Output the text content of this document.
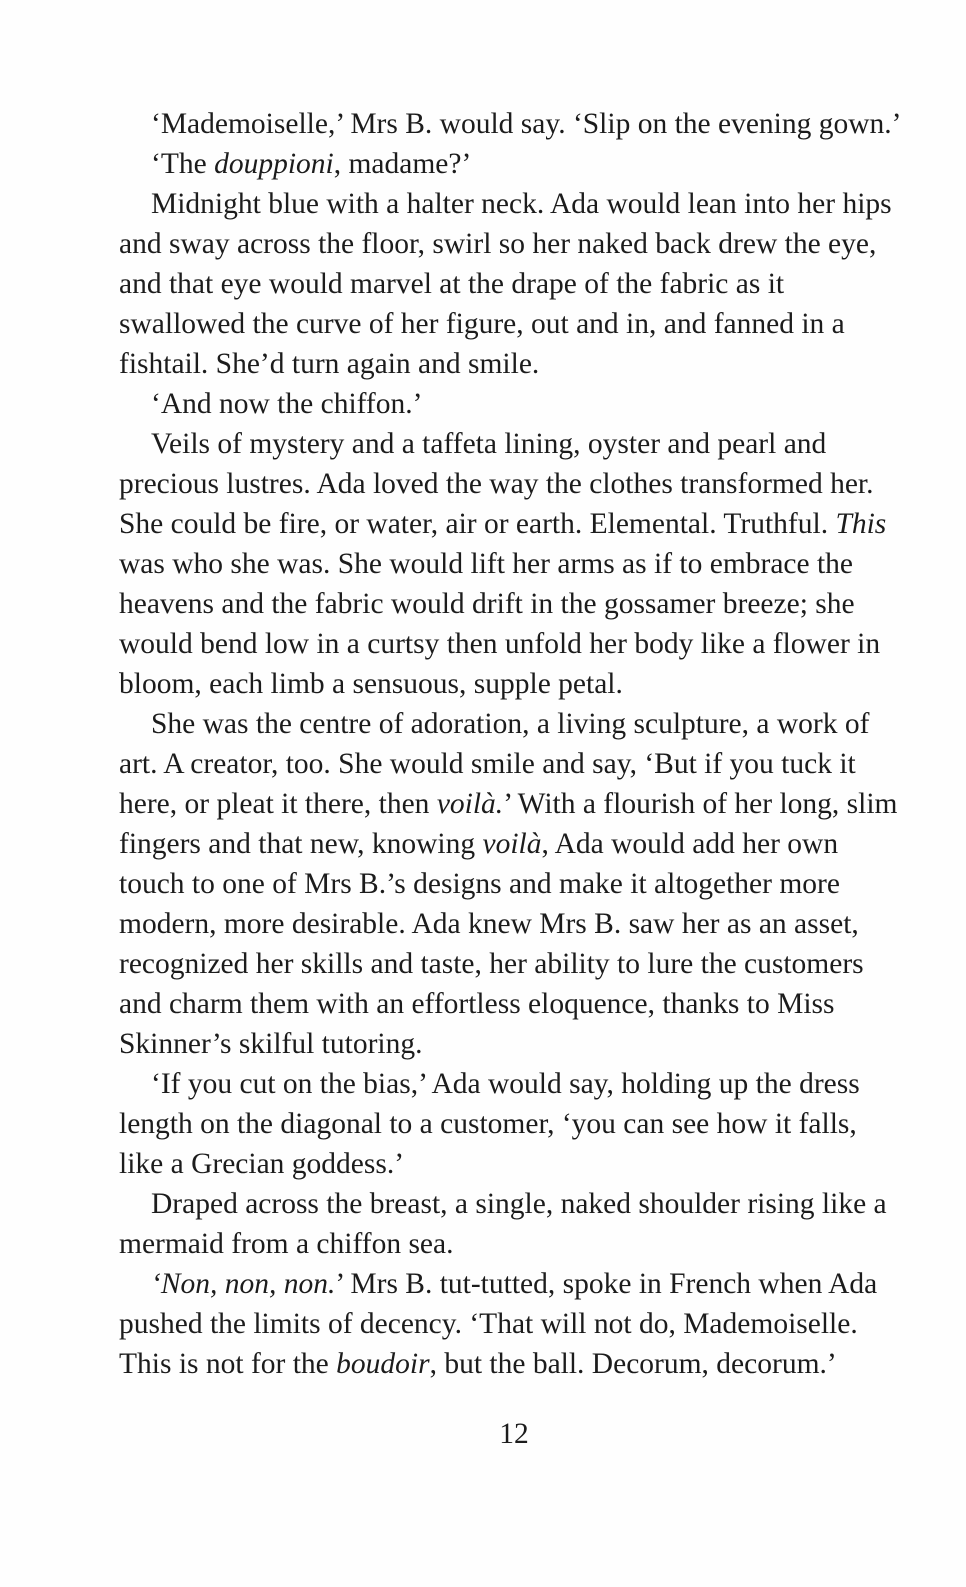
‘Mademoiselle,’ Mrs B. would say. ‘Slip on the evening gown.’

‘The douppioni, madame?’

Midnight blue with a halter neck. Ada would lean into her hips and sway across the floor, swirl so her naked back drew the eye, and that eye would marvel at the drape of the fabric as it swallowed the curve of her figure, out and in, and fanned in a fishtail. She’d turn again and smile.

‘And now the chiffon.’

Veils of mystery and a taffeta lining, oyster and pearl and precious lustres. Ada loved the way the clothes transformed her. She could be fire, or water, air or earth. Elemental. Truthful. This was who she was. She would lift her arms as if to embrace the heavens and the fabric would drift in the gossamer breeze; she would bend low in a curtsy then unfold her body like a flower in bloom, each limb a sensuous, supple petal.

She was the centre of adoration, a living sculpture, a work of art. A creator, too. She would smile and say, ‘But if you tuck it here, or pleat it there, then voilà.’ With a flourish of her long, slim fingers and that new, knowing voilà, Ada would add her own touch to one of Mrs B.’s designs and make it altogether more modern, more desirable. Ada knew Mrs B. saw her as an asset, recognized her skills and taste, her ability to lure the customers and charm them with an effortless eloquence, thanks to Miss Skinner’s skilful tutoring.

‘If you cut on the bias,’ Ada would say, holding up the dress length on the diagonal to a customer, ‘you can see how it falls, like a Grecian goddess.’

Draped across the breast, a single, naked shoulder rising like a mermaid from a chiffon sea.

‘Non, non, non.’ Mrs B. tut-tutted, spoke in French when Ada pushed the limits of decency. ‘That will not do, Mademoiselle. This is not for the boudoir, but the ball. Decorum, decorum.’

12
